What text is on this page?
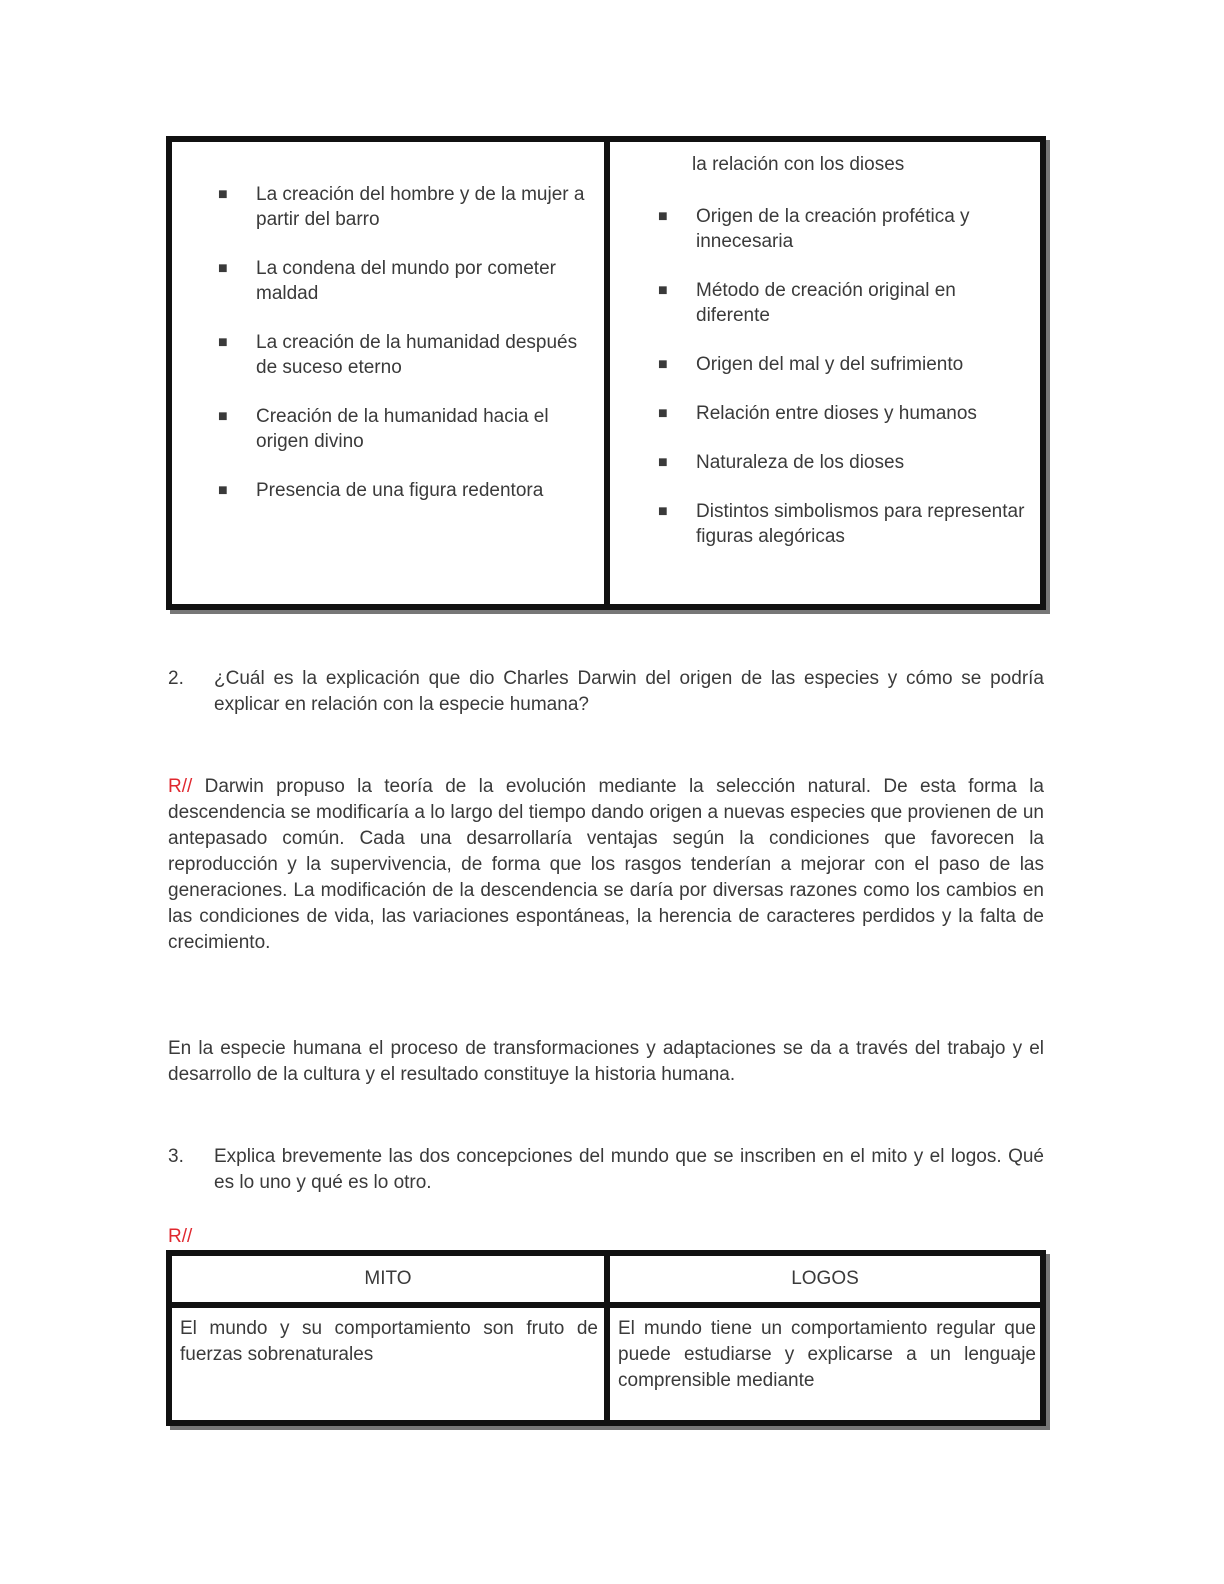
■ La creación del hombre y de la mujer a partir del barro
■ La condena del mundo por cometer maldad
■ La creación de la humanidad después de suceso eterno
■ Creación de la humanidad hacia el origen divino
■ Presencia de una figura redentora
la relación con los dioses
■ Origen de la creación profética y innecesaria
■ Método de creación original en diferente
■ Origen del mal y del sufrimiento
■ Relación entre dioses y humanos
■ Naturaleza de los dioses
■ Distintos simbolismos para representar figuras alegóricas
2. ¿Cuál es la explicación que dio Charles Darwin del origen de las especies y cómo se podría explicar en relación con la especie humana?
R// Darwin propuso la teoría de la evolución mediante la selección natural. De esta forma la descendencia se modificaría a lo largo del tiempo dando origen a nuevas especies que provienen de un antepasado común. Cada una desarrollaría ventajas según la condiciones que favorecen la reproducción y la supervivencia, de forma que los rasgos tenderían a mejorar con el paso de las generaciones. La modificación de la descendencia se daría por diversas razones como los cambios en las condiciones de vida, las variaciones espontáneas, la herencia de caracteres perdidos y la falta de crecimiento.
En la especie humana el proceso de transformaciones y adaptaciones se da a través del trabajo y el desarrollo de la cultura y el resultado constituye la historia humana.
3. Explica brevemente las dos concepciones del mundo que se inscriben en el mito y el logos. Qué es lo uno y qué es lo otro.
R//
MITO	LOGOS
El mundo y su comportamiento son fruto de fuerzas sobrenaturales
El mundo tiene un comportamiento regular que puede estudiarse y explicarse a un lenguaje comprensible mediante
